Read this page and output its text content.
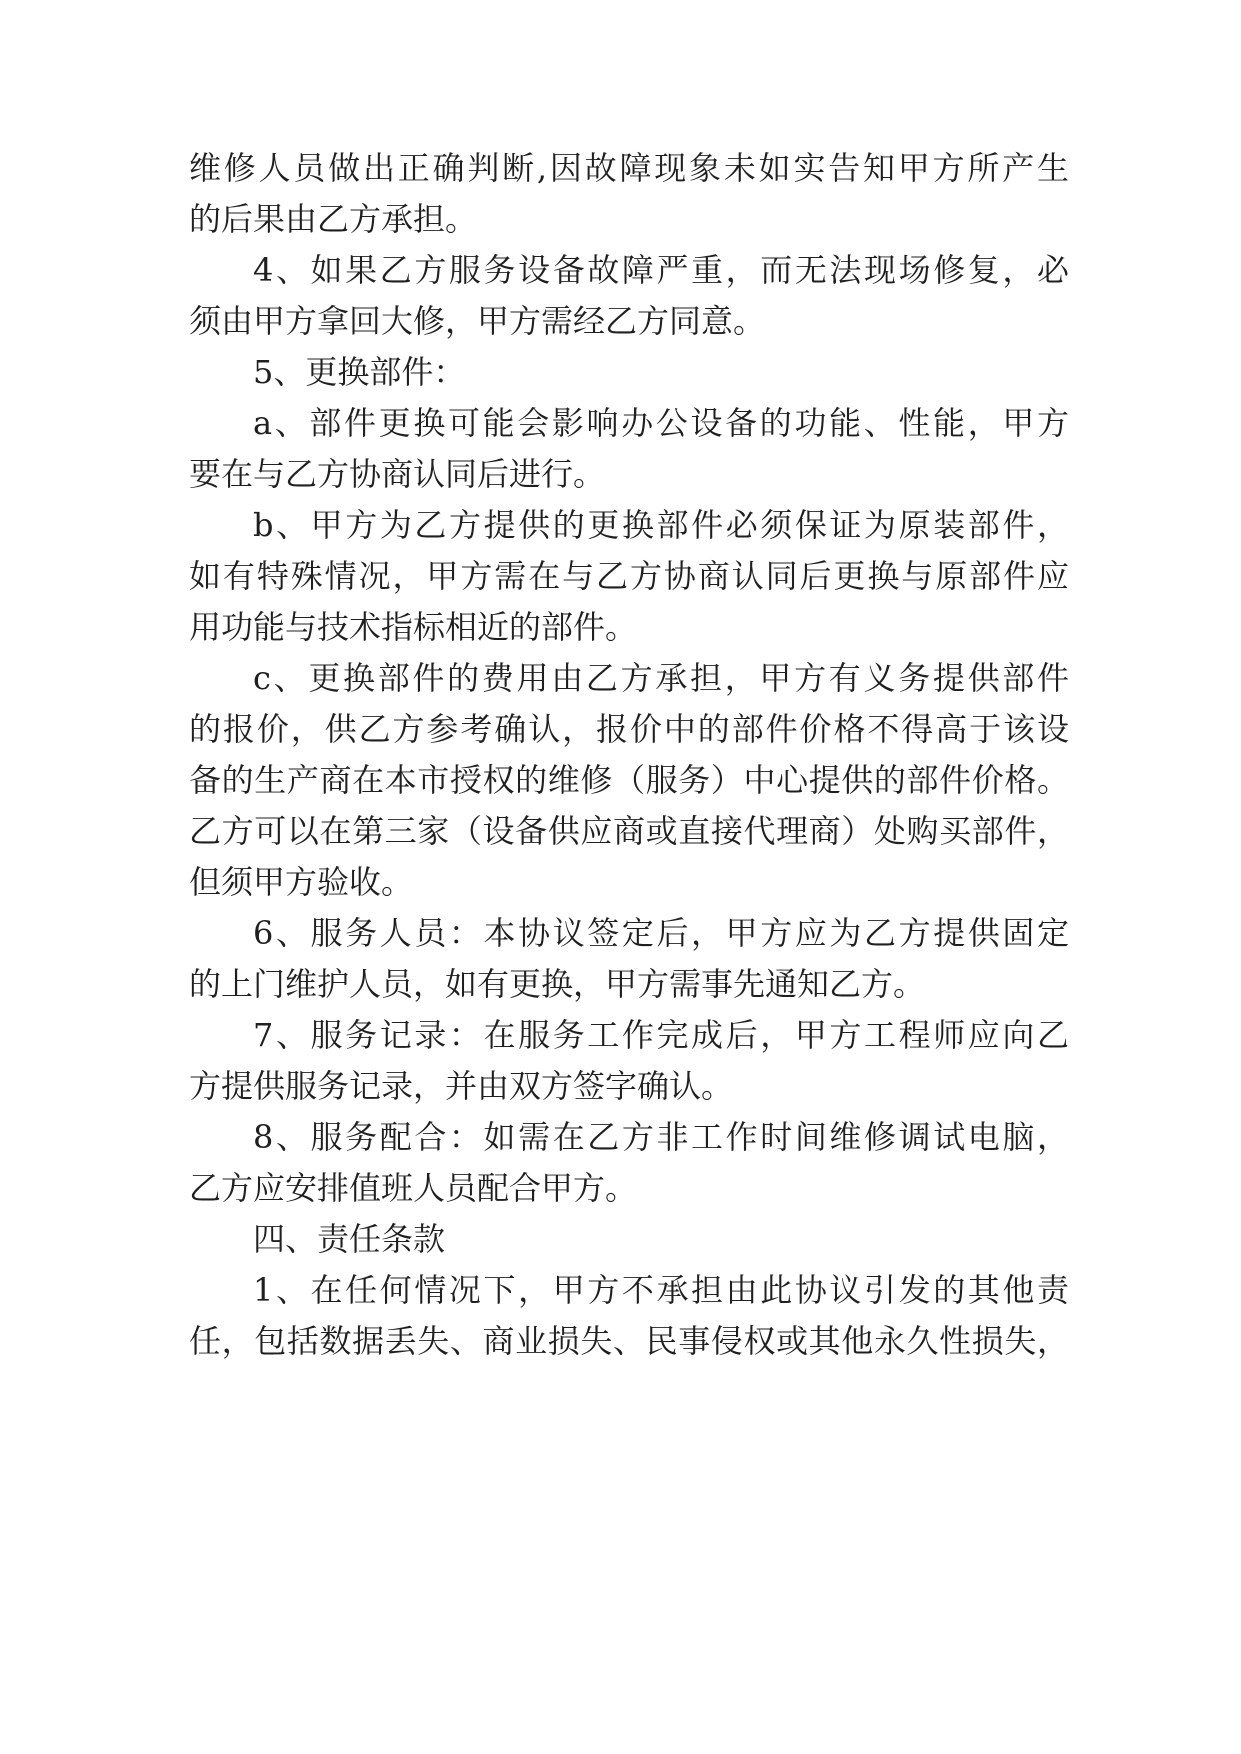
维修人员做出正确判断,因故障现象未如实告知甲方所产生
的后果由乙方承担。
4、如果乙方服务设备故障严重，而无法现场修复，必
须由甲方拿回大修，甲方需经乙方同意。
5、更换部件：
a、部件更换可能会影响办公设备的功能、性能，甲方
要在与乙方协商认同后进行。
b、甲方为乙方提供的更换部件必须保证为原装部件，
如有特殊情况，甲方需在与乙方协商认同后更换与原部件应
用功能与技术指标相近的部件。
c、更换部件的费用由乙方承担，甲方有义务提供部件
的报价，供乙方参考确认，报价中的部件价格不得高于该设
备的生产商在本市授权的维修（服务）中心提供的部件价格。
乙方可以在第三家（设备供应商或直接代理商）处购买部件，
但须甲方验收。
6、服务人员：本协议签定后，甲方应为乙方提供固定
的上门维护人员，如有更换，甲方需事先通知乙方。
7、服务记录：在服务工作完成后，甲方工程师应向乙
方提供服务记录，并由双方签字确认。
8、服务配合：如需在乙方非工作时间维修调试电脑，
乙方应安排值班人员配合甲方。
四、责任条款
1、在任何情况下，甲方不承担由此协议引发的其他责
任，包括数据丢失、商业损失、民事侵权或其他永久性损失，
